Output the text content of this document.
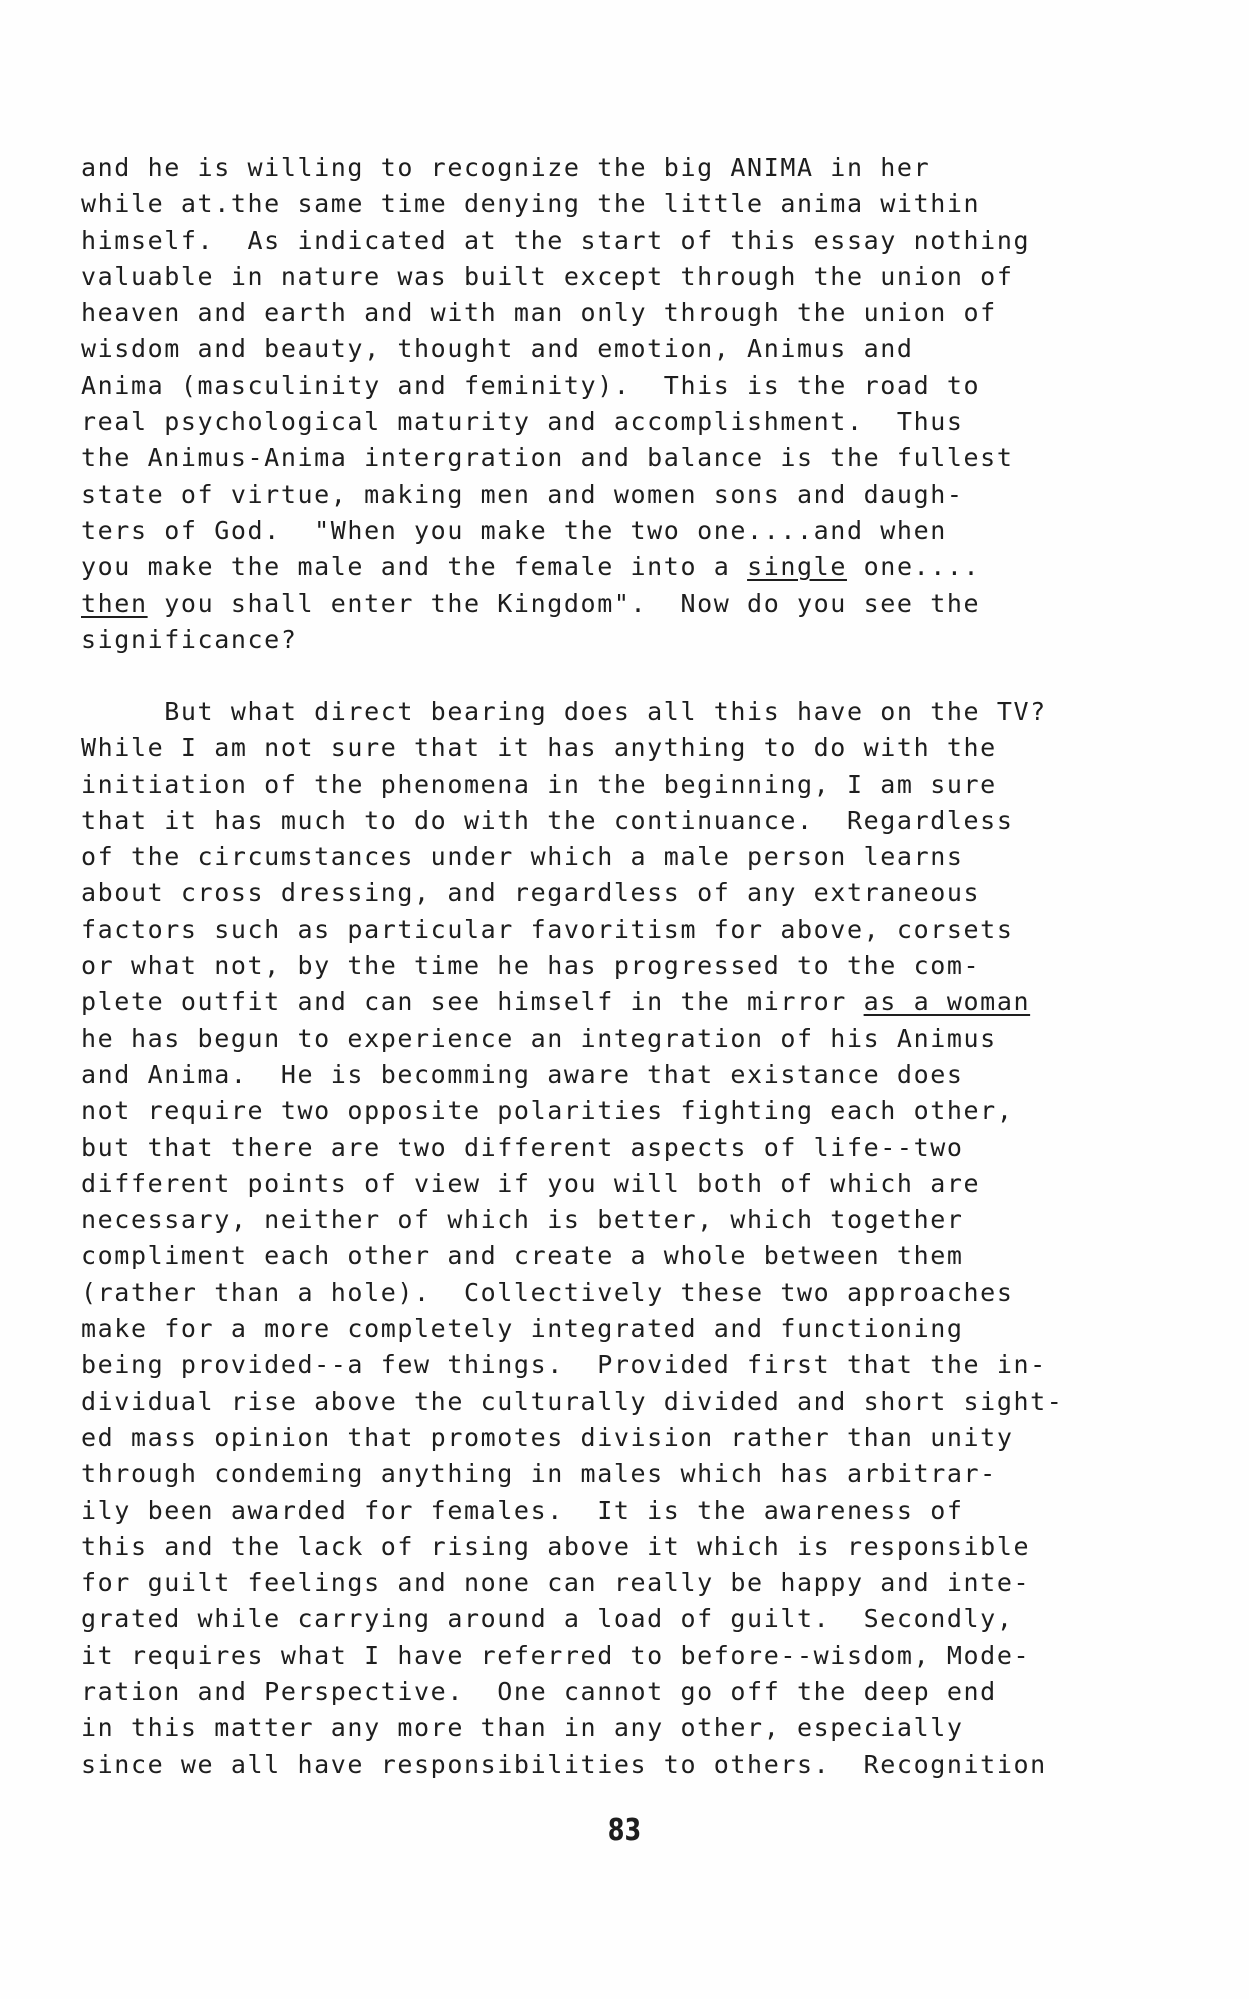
and he is willing to recognize the big ANIMA in her
while at.the same time denying the little anima within
himself.  As indicated at the start of this essay nothing
valuable in nature was built except through the union of
heaven and earth and with man only through the union of
wisdom and beauty, thought and emotion, Animus and
Anima (masculinity and feminity).  This is the road to
real psychological maturity and accomplishment.  Thus
the Animus-Anima intergration and balance is the fullest
state of virtue, making men and women sons and daugh-
ters of God.  "When you make the two one....and when
you make the male and the female into a single one....
then you shall enter the Kingdom".  Now do you see the
significance?
But what direct bearing does all this have on the TV?
While I am not sure that it has anything to do with the
initiation of the phenomena in the beginning, I am sure
that it has much to do with the continuance.  Regardless
of the circumstances under which a male person learns
about cross dressing, and regardless of any extraneous
factors such as particular favoritism for above, corsets
or what not, by the time he has progressed to the com-
plete outfit and can see himself in the mirror as a woman
he has begun to experience an integration of his Animus
and Anima.  He is becomming aware that existance does
not require two opposite polarities fighting each other,
but that there are two different aspects of life--two
different points of view if you will both of which are
necessary, neither of which is better, which together
compliment each other and create a whole between them
(rather than a hole).  Collectively these two approaches
make for a more completely integrated and functioning
being provided--a few things.  Provided first that the in-
dividual rise above the culturally divided and short sight-
ed mass opinion that promotes division rather than unity
through condeming anything in males which has arbitrar-
ily been awarded for females.  It is the awareness of
this and the lack of rising above it which is responsible
for guilt feelings and none can really be happy and inte-
grated while carrying around a load of guilt.  Secondly,
it requires what I have referred to before--wisdom, Mode-
ration and Perspective.  One cannot go off the deep end
in this matter any more than in any other, especially
since we all have responsibilities to others.  Recognition
83
